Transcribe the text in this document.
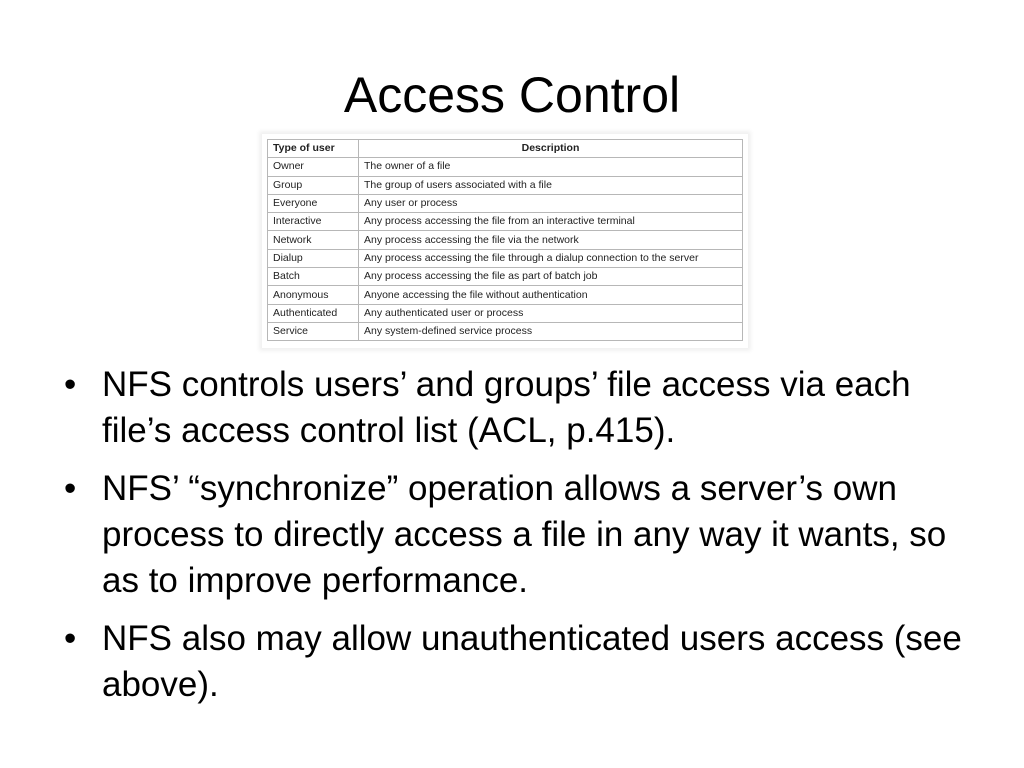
Access Control
Type of user	Description
Owner	The owner of a file
Group	The group of users associated with a file
Everyone	Any user or process
Interactive	Any process accessing the file from an interactive terminal
Network	Any process accessing the file via the network
Dialup	Any process accessing the file through a dialup connection to the server
Batch	Any process accessing the file as part of batch job
Anonymous	Anyone accessing the file without authentication
Authenticated	Any authenticated user or process
Service	Any system-defined service process
• NFS controls users’ and groups’ file access via each file’s access control list (ACL, p.415).
• NFS’ “synchronize” operation allows a server’s own process to directly access a file in any way it wants, so as to improve performance.
• NFS also may allow unauthenticated users access (see above).
